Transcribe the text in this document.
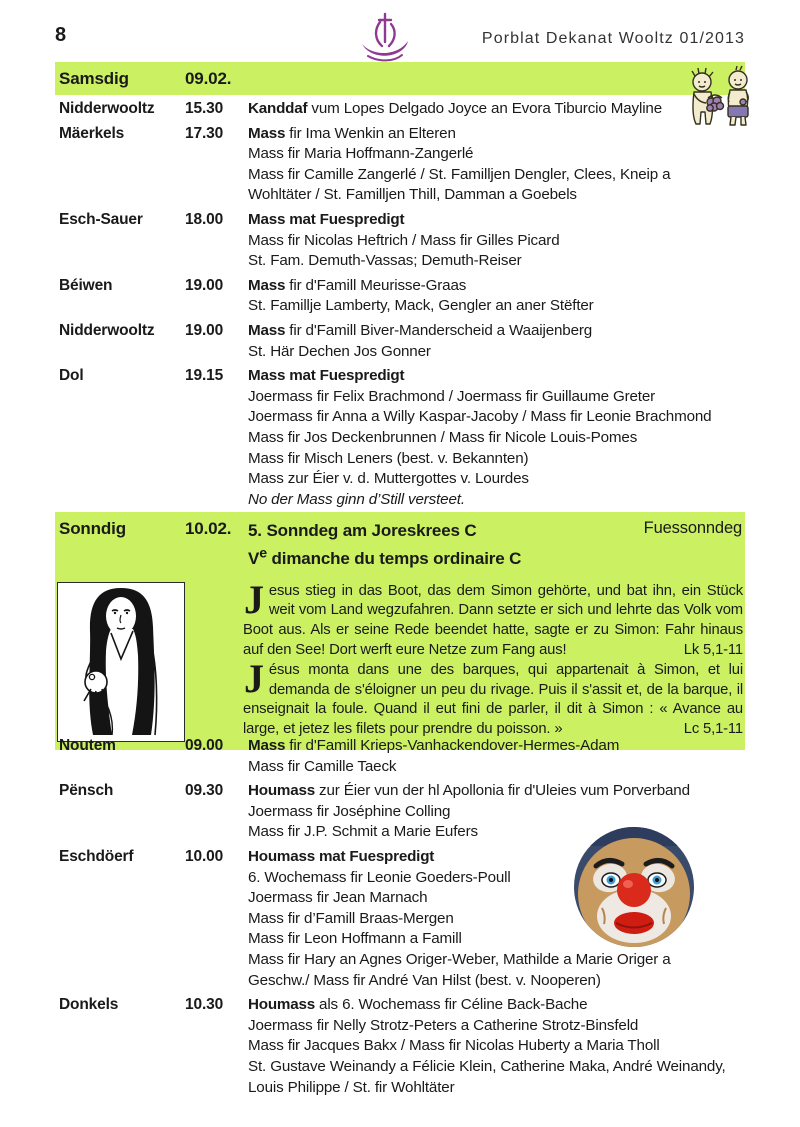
8	Porblat Dekanat Wooltz 01/2013
Samsdig	09.02.
Nidderwooltz	15.30	Kanddaf vum Lopes Delgado Joyce an Evora Tiburcio Mayline
Mäerkels	17.30	Mass fir Ima Wenkin an Elteren
Mass fir Maria Hoffmann-Zangerlé
Mass fir Camille Zangerlé / St. Familljen Dengler, Clees, Kneip a
Wohltäter / St. Familljen Thill, Damman a Goebels
Esch-Sauer	18.00	Mass mat Fuespredigt
Mass fir Nicolas Heftrich / Mass fir Gilles Picard
St. Fam. Demuth-Vassas; Demuth-Reiser
Béiwen	19.00	Mass fir d'Famill Meurisse-Graas
St. Famillje Lamberty, Mack, Gengler an aner Stëfter
Nidderwooltz	19.00	Mass fir d'Famill Biver-Manderscheid a Waaijenberg
St. Här Dechen Jos Gonner
Dol	19.15	Mass mat Fuespredigt
Joermass fir Felix Brachmond / Joermass fir Guillaume Greter
Joermass fir Anna a Willy Kaspar-Jacoby / Mass fir Leonie Brachmond
Mass fir Jos Deckenbrunnen / Mass fir Nicole Louis-Pomes
Mass fir Misch Leners (best. v. Bekannten)
Mass zur Éier v. d. Muttergottes v. Lourdes
No der Mass ginn d’Still versteet.
Sonndig	10.02. 5. Sonndeg am Joreskrees C
Ve dimanche du temps ordinaire C
Fuessonndeg

Jesus stieg in das Boot, das dem Simon gehörte, und bat ihn, ein Stück weit vom Land wegzufahren. Dann setzte er sich und lehrte das Volk vom Boot aus. Als er seine Rede beendet hatte, sagte er zu Simon: Fahr hinaus auf den See! Dort werft eure Netze zum Fang aus!	Lk 5,1-11

Jésus monta dans une des barques, qui appartenait à Simon, et lui demanda de s'éloigner un peu du rivage. Puis il s'assit et, de la barque, il enseignait la foule. Quand il eut fini de parler, il dit à Simon : « Avance au large, et jetez les filets pour prendre du poisson. »	Lc 5,1-11

Noutem	09.00	Mass fir d'Famill Krieps-Vanhackendover-Hermes-Adam
Mass fir Camille Taeck
Pënsch	09.30	Houmass zur Éier vun der hl Apollonia fir d'Uleies vum Porverband
Joermass fir Joséphine Colling
Mass fir J.P. Schmit a Marie Eufers
Eschdöerf	10.00	Houmass mat Fuespredigt
6. Wochemass fir Leonie Goeders-Poull
Joermass fir Jean Marnach
Mass fir d’Famill Braas-Mergen
Mass fir Leon Hoffmann a Famill
Mass fir Hary an Agnes Origer-Weber, Mathilde a Marie Origer a
Geschw./ Mass fir André Van Hilst (best. v. Nooperen)
Donkels	10.30	Houmass als 6. Wochemass fir Céline Back-Bache
Joermass fir Nelly Strotz-Peters a Catherine Strotz-Binsfeld
Mass fir Jacques Bakx / Mass fir Nicolas Huberty a Maria Tholl
St. Gustave Weinandy a Félicie Klein, Catherine Maka, André Weinandy,
Louis Philippe / St. fir Wohltäter
